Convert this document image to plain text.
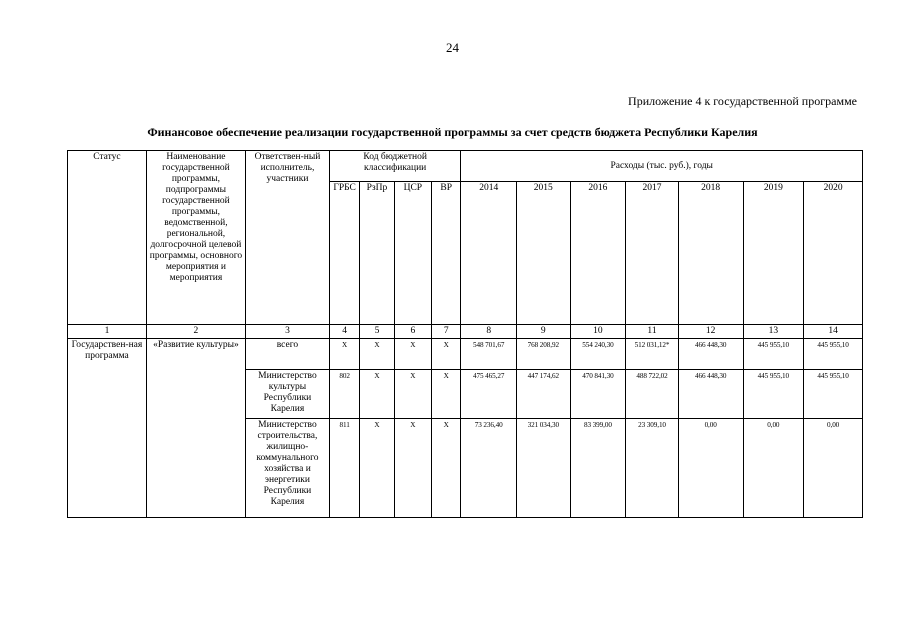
24
Приложение 4 к государственной программе
Финансовое обеспечение реализации государственной программы за счет средств бюджета Республики Карелия
Статус	Наименование государственной программы, подпрограммы государственной программы, ведомственной, региональной, долгосрочной целевой программы, основного мероприятия и мероприятия	Ответствен-ный исполнитель, участники	Код бюджетной классификации				Расходы (тыс. руб.), годы						
			ГРБС	РзПр	ЦСР	ВР	2014	2015	2016	2017	2018	2019	2020
1	2	3	4	5	6	7	8	9	10	11	12	13	14
Государствен-ная программа	«Развитие культуры»	всего	Х	Х	Х	Х	548 701,67	768 208,92	554 240,30	512 031,12*	466 448,30	445 955,10	445 955,10
		Министерство культуры Республики Карелия	802	Х	Х	Х	475 465,27	447 174,62	470 841,30	488 722,02	466 448,30	445 955,10	445 955,10
		Министерство строительства, жилищно-коммунального хозяйства и энергетики Республики Карелия	811	Х	Х	Х	73 236,40	321 034,30	83 399,00	23 309,10	0,00	0,00	0,00
